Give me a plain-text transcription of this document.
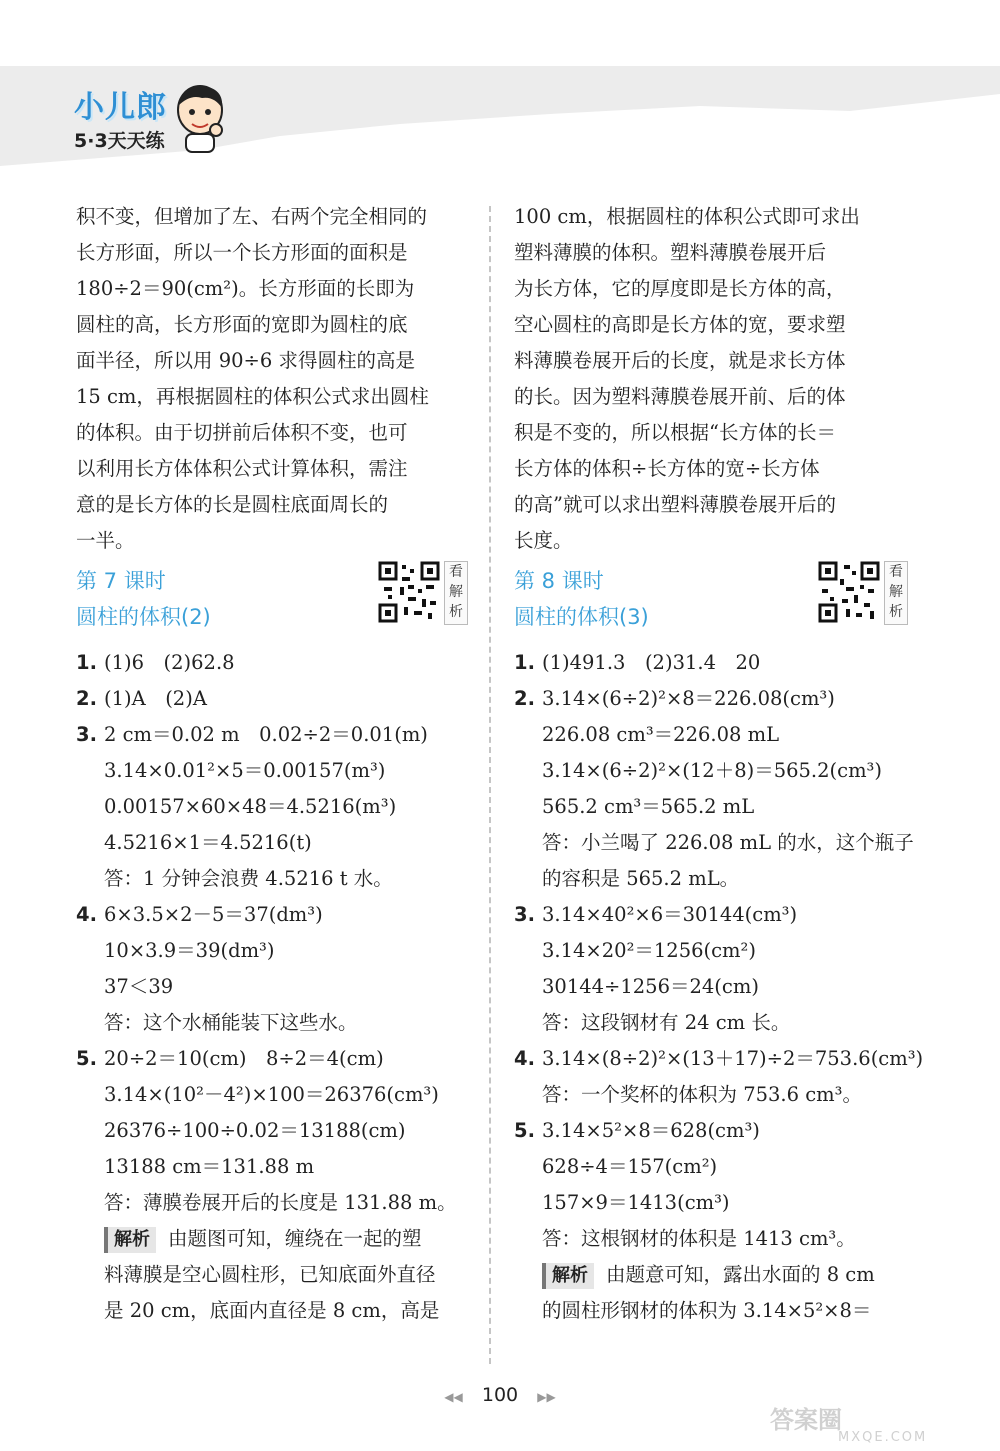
小儿郎
5·3天天练

积不变，但增加了左、右两个完全相同的

长方形面，所以一个长方形面的面积是

180÷2＝90(cm²)。长方形面的长即为

圆柱的高，长方形面的宽即为圆柱的底

面半径，所以用 90÷6 求得圆柱的高是

15 cm，再根据圆柱的体积公式求出圆柱

的体积。由于切拼前后体积不变，也可

以利用长方体体积公式计算体积，需注

意的是长方体的长是圆柱底面周长的

一半。

第 7 课时
圆柱的体积(2)
看
解
析
1. (1)6　(2)62.8
2. (1)A　(2)A
3. 2 cm＝0.02 m　0.02÷2＝0.01(m)
3.14×0.01²×5＝0.00157(m³)
0.00157×60×48＝4.5216(m³)
4.5216×1＝4.5216(t)
答：1 分钟会浪费 4.5216 t 水。
4. 6×3.5×2－5＝37(dm³)
10×3.9＝39(dm³)
37＜39
答：这个水桶能装下这些水。
5. 20÷2＝10(cm)　8÷2＝4(cm)
3.14×(10²－4²)×100＝26376(cm³)
26376÷100÷0.02＝13188(cm)
13188 cm＝131.88 m
答：薄膜卷展开后的长度是 131.88 m。
解析 由题图可知，缠绕在一起的塑
料薄膜是空心圆柱形，已知底面外直径
是 20 cm，底面内直径是 8 cm，高是

100 cm，根据圆柱的体积公式即可求出

塑料薄膜的体积。塑料薄膜卷展开后

为长方体，它的厚度即是长方体的高，

空心圆柱的高即是长方体的宽，要求塑

料薄膜卷展开后的长度，就是求长方体

的长。因为塑料薄膜卷展开前、后的体

积是不变的，所以根据“长方体的长＝

长方体的体积÷长方体的宽÷长方体

的高”就可以求出塑料薄膜卷展开后的

长度。

第 8 课时
圆柱的体积(3)
看
解
析
1. (1)491.3　(2)31.4　20
2. 3.14×(6÷2)²×8＝226.08(cm³)
226.08 cm³＝226.08 mL
3.14×(6÷2)²×(12＋8)＝565.2(cm³)
565.2 cm³＝565.2 mL
答：小兰喝了 226.08 mL 的水，这个瓶子
的容积是 565.2 mL。
3. 3.14×40²×6＝30144(cm³)
3.14×20²＝1256(cm²)
30144÷1256＝24(cm)
答：这段钢材有 24 cm 长。
4. 3.14×(8÷2)²×(13＋17)÷2＝753.6(cm³)
答：一个奖杯的体积为 753.6 cm³。
5. 3.14×5²×8＝628(cm³)
628÷4＝157(cm²)
157×9＝1413(cm³)
答：这根钢材的体积是 1413 cm³。
解析 由题意可知，露出水面的 8 cm
的圆柱形钢材的体积为 3.14×5²×8＝
◀◀ 100 ▶▶
答案圈
MXQE.COM
